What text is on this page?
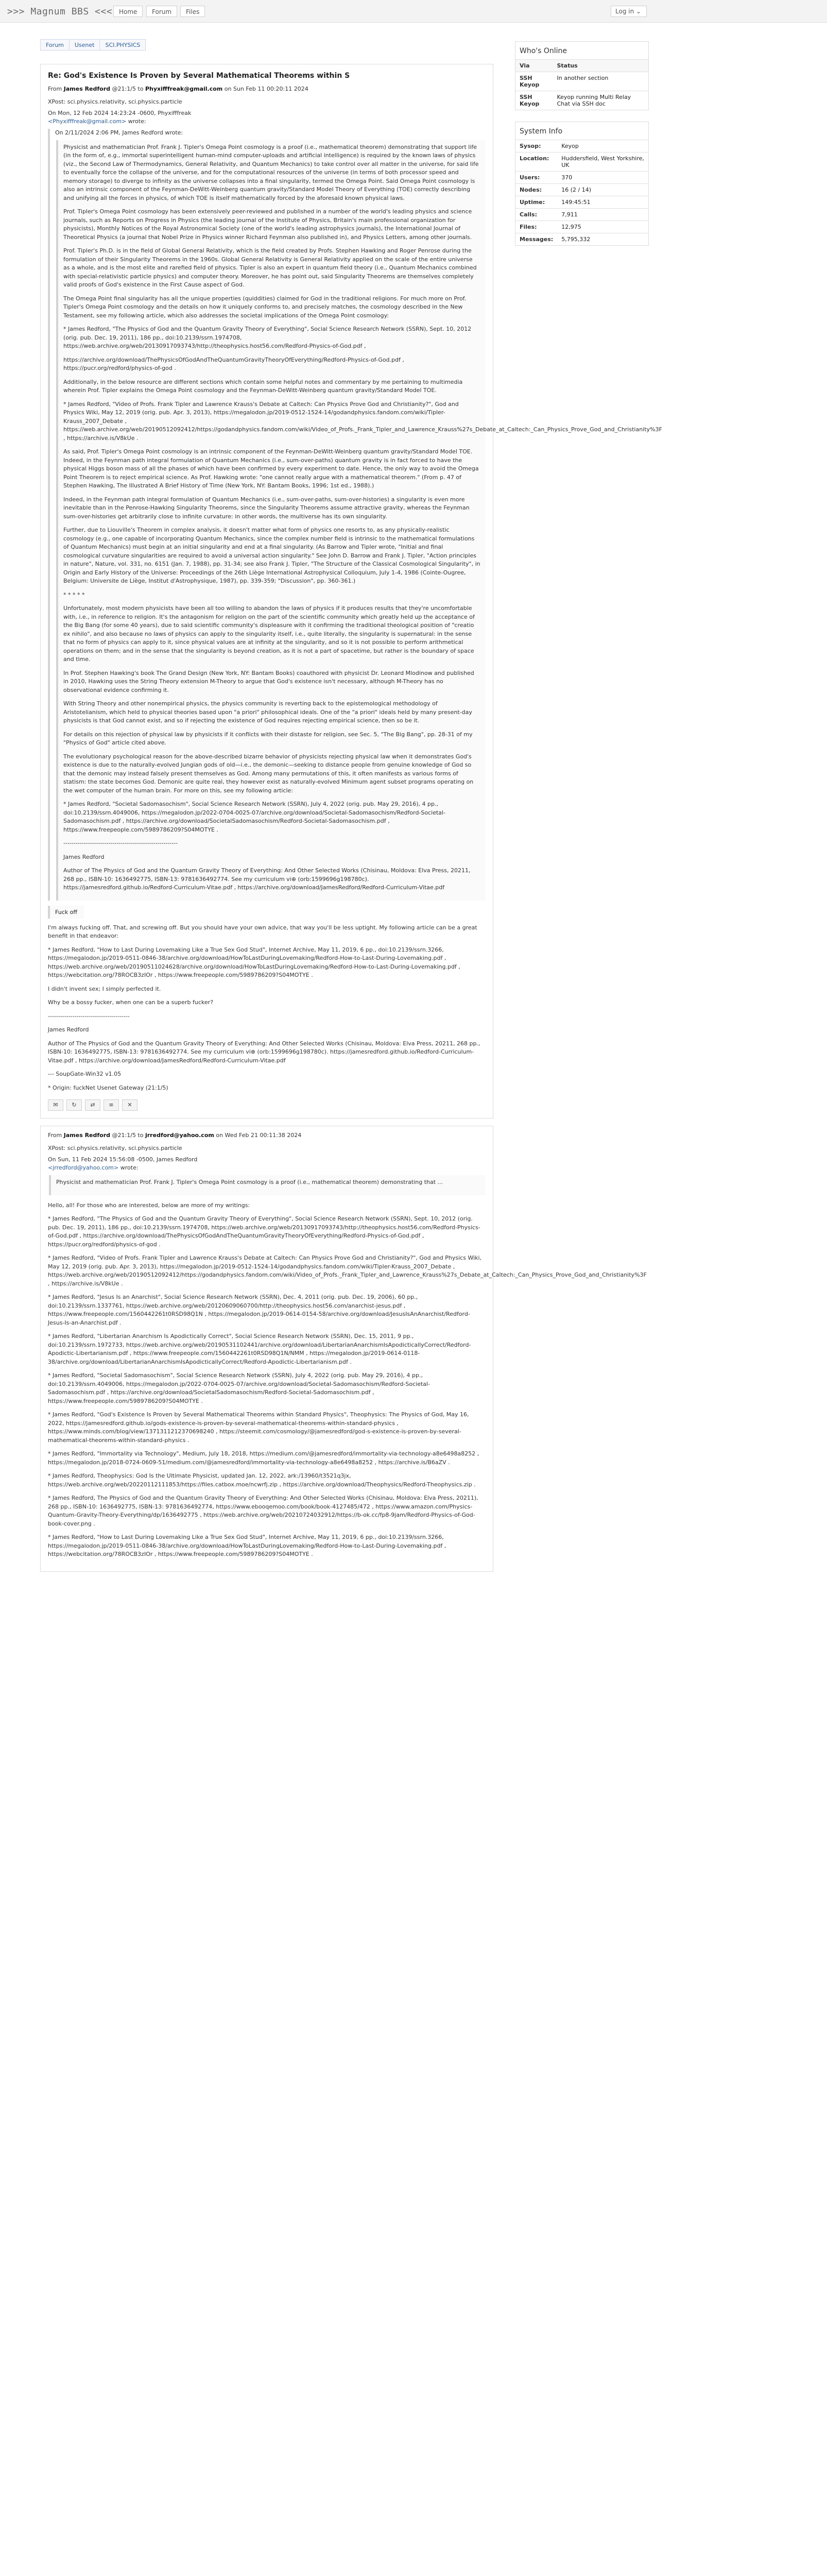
>>> Magnum BBS <<<	Home	Forum	Files	Log in ⌄
Forum	Usenet	SCI.PHYSICS
Re: God's Existence Is Proven by Several Mathematical Theorems within S
From James Redford @21:1/5 to Phyxifffreak@gmail.com on Sun Feb 11 00:20:11 2024
XPost: sci.physics.relativity, sci.physics.particle
On Mon, 12 Feb 2024 14:23:24 -0600, Phyxifffreak
<Phyxifffreak@gmail.com> wrote:
On 2/11/2024 2:06 PM, James Redford wrote:
Physicist and mathematician Prof. Frank J. Tipler's Omega Point cosmology is a proof (i.e., mathematical theorem) demonstrating that support life (in the form of, e.g., immortal superintelligent human-mind computer-uploads and artificial intelligence) is required by the known laws of physics (viz., the Second Law of Thermodynamics, General Relativity, and Quantum Mechanics) to take control over all matter in the universe, for said life to eventually force the collapse of the universe, and for the computational resources of the universe (in terms of both processor speed and memory storage) to diverge to infinity as the universe collapses into a final singularity, termed the Omega Point. Said Omega Point cosmology is also an intrinsic component of the Feynman-DeWitt-Weinberg quantum gravity/Standard Model Theory of Everything (TOE) correctly describing and unifying all the forces in physics, of which TOE is itself mathematically forced by the aforesaid known physical laws.
Prof. Tipler's Omega Point cosmology has been extensively peer-reviewed and published in a number of the world's leading physics and science journals, such as Reports on Progress in Physics (the leading journal of the Institute of Physics, Britain's main professional organization for physicists), Monthly Notices of the Royal Astronomical Society (one of the world's leading astrophysics journals), the International Journal of Theoretical Physics (a journal that Nobel Prize in Physics winner Richard Feynman also published in), and Physics Letters, among other journals.
Prof. Tipler's Ph.D. is in the field of Global General Relativity, which is the field created by Profs. Stephen Hawking and Roger Penrose during the formulation of their Singularity Theorems in the 1960s. Global General Relativity is General Relativity applied on the scale of the entire universe as a whole, and is the most elite and rarefied field of physics. Tipler is also an expert in quantum field theory (i.e., Quantum Mechanics combined with special-relativistic particle physics) and computer theory. Moreover, he has point out, said Singularity Theorems are themselves completely valid proofs of God's existence in the First Cause aspect of God.
The Omega Point final singularity has all the unique properties (quiddities) claimed for God in the traditional religions. For much more on Prof. Tipler's Omega Point cosmology and the details on how it uniquely conforms to, and precisely matches, the cosmology described in the New Testament, see my following article, which also addresses the societal implications of the Omega Point cosmology:
* James Redford, "The Physics of God and the Quantum Gravity Theory of Everything", Social Science Research Network (SSRN), Sept. 10, 2012 (orig. pub. Dec. 19, 2011), 186 pp., doi:10.2139/ssrn.1974708, https://web.archive.org/web/20130917093743/http://theophysics.host56.com/Redford-Physics-of-God.pdf ,
https://archive.org/download/ThePhysicsOfGodAndTheQuantumGravityTheoryOfEverything/Redford-Physics-of-God.pdf , https://pucr.org/redford/physics-of-god .
Additionally, in the below resource are different sections which contain some helpful notes and commentary by me pertaining to multimedia wherein Prof. Tipler explains the Omega Point cosmology and the Feynman-DeWitt-Weinberg quantum gravity/Standard Model TOE.
* James Redford, "Video of Profs. Frank Tipler and Lawrence Krauss's Debate at Caltech: Can Physics Prove God and Christianity?", God and Physics Wiki, May 12, 2019 (orig. pub. Apr. 3, 2013), https://megalodon.jp/2019-0512-1524-14/godandphysics.fandom.com/wiki/Tipler-Krauss_2007_Debate , https://web.archive.org/web/20190512092412/https://godandphysics.fandom.com/wiki/Video_of_Profs._Frank_Tipler_and_Lawrence_Krauss%27s_Debate_at_Caltech:_Can_Physics_Prove_God_and_Christianity%3F , https://archive.is/V8kUe .
As said, Prof. Tipler's Omega Point cosmology is an intrinsic component of the Feynman-DeWitt-Weinberg quantum gravity/Standard Model TOE. Indeed, in the Feynman path integral formulation of Quantum Mechanics (i.e., sum-over-paths) quantum gravity is in fact forced to have the physical Higgs boson mass of all the phases of which have been confirmed by every experiment to date. Hence, the only way to avoid the Omega Point Theorem is to reject empirical science. As Prof. Hawking wrote: "one cannot really argue with a mathematical theorem." (From p. 47 of Stephen Hawking, The Illustrated A Brief History of Time (New York, NY: Bantam Books, 1996; 1st ed., 1988).)
Indeed, in the Feynman path integral formulation of Quantum Mechanics (i.e., sum-over-paths, sum-over-histories) a singularity is even more inevitable than in the Penrose-Hawking Singularity Theorems, since the Singularity Theorems assume attractive gravity, whereas the Feynman sum-over-histories get arbitrarily close to infinite curvature: in other words, the multiverse has its own singularity.
Further, due to Liouville's Theorem in complex analysis, it doesn't matter what form of physics one resorts to, as any physically-realistic cosmology (e.g., one capable of incorporating Quantum Mechanics, since the complex number field is intrinsic to the mathematical formulations of Quantum Mechanics) must begin at an initial singularity and end at a final singularity. (As Barrow and Tipler wrote, "Initial and final cosmological curvature singularities are required to avoid a universal action singularity." See John D. Barrow and Frank J. Tipler, "Action principles in nature", Nature, vol. 331, no. 6151 (Jan. 7, 1988), pp. 31-34; see also Frank J. Tipler, "The Structure of the Classical Cosmological Singularity", in Origin and Early History of the Universe: Proceedings of the 26th Liège International Astrophysical Colloquium, July 1-4, 1986 (Cointe-Ougree, Belgium: Universite de Liège, Institut d'Astrophysique, 1987), pp. 339-359; "Discussion", pp. 360-361.)
* * * * *
Unfortunately, most modern physicists have been all too willing to abandon the laws of physics if it produces results that they're uncomfortable with, i.e., in reference to religion. It's the antagonism for religion on the part of the scientific community which greatly held up the acceptance of the Big Bang (for some 40 years), due to said scientific community's displeasure with it confirming the traditional theological position of "creatio ex nihilo", and also because no laws of physics can apply to the singularity itself, i.e., quite literally, the singularity is supernatural: in the sense that no form of physics can apply to it, since physical values are at infinity at the singularity, and so it is not possible to perform arithmetical operations on them; and in the sense that the singularity is beyond creation, as it is not a part of spacetime, but rather is the boundary of space and time.
In Prof. Stephen Hawking's book The Grand Design (New York, NY: Bantam Books) coauthored with physicist Dr. Leonard Mlodinow and published in 2010, Hawking uses the String Theory extension M-Theory to argue that God's existence isn't necessary, although M-Theory has no observational evidence confirming it.
With String Theory and other nonempirical physics, the physics community is reverting back to the epistemological methodology of Aristotelianism, which held to physical theories based upon "a priori" philosophical ideals. One of the "a priori" ideals held by many present-day physicists is that God cannot exist, and so if rejecting the existence of God requires rejecting empirical science, then so be it.
For details on this rejection of physical law by physicists if it conflicts with their distaste for religion, see Sec. 5, "The Big Bang", pp. 28-31 of my "Physics of God" article cited above.
The evolutionary psychological reason for the above-described bizarre behavior of physicists rejecting physical law when it demonstrates God's existence is due to the naturally-evolved Jungian gods of old—i.e., the demonic—seeking to distance people from genuine knowledge of God so that the demonic may instead falsely present themselves as God. Among many permutations of this, it often manifests as various forms of statism: the state becomes God. Demonic are quite real, they however exist as naturally-evolved Minimum agent subset programs operating on the wet computer of the human brain. For more on this, see my following article:
* James Redford, "Societal Sadomasochism", Social Science Research Network (SSRN), July 4, 2022 (orig. pub. May 29, 2016), 4 pp., doi:10.2139/ssrn.4049006, https://megalodon.jp/2022-0704-0025-07/archive.org/download/Societal-Sadomasochism/Redford-Societal-Sadomasochism.pdf , https://archive.org/download/SocietalSadomasochism/Redford-Societal-Sadomasochism.pdf , https://www.freepeople.com/5989786209?S04MOTYE .
--------------------------------------------------------
James Redford
Author of The Physics of God and the Quantum Gravity Theory of Everything: And Other Selected Works (Chisinau, Moldova: Elva Press, 20211, 268 pp., ISBN-10: 1636492775, ISBN-13: 9781636492774. See my curriculum vi⊕ (orb:1599696g198780c). https://jamesredford.github.io/Redford-Curriculum-Vitae.pdf , https://archive.org/download/JamesRedford/Redford-Curriculum-Vitae.pdf
Fuck off
I'm always fucking off. That, and screwing off. But you should have your own advice, that way you'll be less uptight. My following article can be a great benefit in that endeavor:
* James Redford, "How to Last During Lovemaking Like a True Sex God Stud", Internet Archive, May 11, 2019, 6 pp., doi:10.2139/ssrn.3266, https://megalodon.jp/2019-0511-0846-38/archive.org/download/HowToLastDuringLovemaking/Redford-How-to-Last-During-Lovemaking.pdf , https://web.archive.org/web/20190511024628/archive.org/download/HowToLastDuringLovemaking/Redford-How-to-Last-During-Lovemaking.pdf , https://webcitation.org/78ROCB3zIOr , https://www.freepeople.com/5989786209?S04MOTYE .
I didn't invent sex; I simply perfected it.
Why be a bossy fucker, when one can be a superb fucker?
----------------------------------------
James Redford
Author of The Physics of God and the Quantum Gravity Theory of Everything: And Other Selected Works (Chisinau, Moldova: Elva Press, 20211, 268 pp., ISBN-10: 1636492775, ISBN-13: 9781636492774. See my curriculum vi⊕ (orb:1599696g198780c). https://jamesredford.github.io/Redford-Curriculum-Vitae.pdf , https://archive.org/download/JamesRedford/Redford-Curriculum-Vitae.pdf
--- SoupGate-Win32 v1.05
* Origin: fuckNet Usenet Gateway (21:1/5)
✉	↻	⇄	≡	✕
From James Redford @21:1/5 to jrredford@yahoo.com on Wed Feb 21 00:11:38 2024
XPost: sci.physics.relativity, sci.physics.particle
On Sun, 11 Feb 2024 15:56:08 -0500, James Redford
<jrredford@yahoo.com> wrote:
Physicist and mathematician Prof. Frank J. Tipler's Omega Point cosmology is a proof (i.e., mathematical theorem) demonstrating that ...
Hello, all! For those who are interested, below are more of my writings:
* James Redford, "The Physics of God and the Quantum Gravity Theory of Everything", Social Science Research Network (SSRN), Sept. 10, 2012 (orig. pub. Dec. 19, 2011), 186 pp., doi:10.2139/ssrn.1974708, https://web.archive.org/web/20130917093743/http://theophysics.host56.com/Redford-Physics-of-God.pdf , https://archive.org/download/ThePhysicsOfGodAndTheQuantumGravityTheoryOfEverything/Redford-Physics-of-God.pdf , https://pucr.org/redford/physics-of-god .
* James Redford, "Video of Profs. Frank Tipler and Lawrence Krauss's Debate at Caltech: Can Physics Prove God and Christianity?", God and Physics Wiki, May 12, 2019 (orig. pub. Apr. 3, 2013), https://megalodon.jp/2019-0512-1524-14/godandphysics.fandom.com/wiki/Tipler-Krauss_2007_Debate , https://web.archive.org/web/20190512092412/https://godandphysics.fandom.com/wiki/Video_of_Profs._Frank_Tipler_and_Lawrence_Krauss%27s_Debate_at_Caltech:_Can_Physics_Prove_God_and_Christianity%3F , https://archive.is/V8kUe .
* James Redford, "Jesus Is an Anarchist", Social Science Research Network (SSRN), Dec. 4, 2011 (orig. pub. Dec. 19, 2006), 60 pp., doi:10.2139/ssrn.1337761, https://web.archive.org/web/20120609060700/http://theophysics.host56.com/anarchist-jesus.pdf , https://www.freepeople.com/1560442261t0RSD98Q1N , https://megalodon.jp/2019-0614-0154-58/archive.org/download/JesusIsAnAnarchist/Redford-Jesus-Is-an-Anarchist.pdf .
* James Redford, "Libertarian Anarchism Is Apodictically Correct", Social Science Research Network (SSRN), Dec. 15, 2011, 9 pp., doi:10.2139/ssrn.1972733, https://web.archive.org/web/20190531102441/archive.org/download/LibertarianAnarchismIsApodicticallyCorrect/Redford-Apodictic-Libertarianism.pdf , https://www.freepeople.com/1560442261t0RSD98Q1N/NMM , https://megalodon.jp/2019-0614-0118-38/archive.org/download/LibertarianAnarchismIsApodicticallyCorrect/Redford-Apodictic-Libertarianism.pdf .
* James Redford, "Societal Sadomasochism", Social Science Research Network (SSRN), July 4, 2022 (orig. pub. May 29, 2016), 4 pp., doi:10.2139/ssrn.4049006, https://megalodon.jp/2022-0704-0025-07/archive.org/download/Societal-Sadomasochism/Redford-Societal-Sadomasochism.pdf , https://archive.org/download/SocietalSadomasochism/Redford-Societal-Sadomasochism.pdf , https://www.freepeople.com/5989786209?S04MOTYE .
* James Redford, "God's Existence Is Proven by Several Mathematical Theorems within Standard Physics", Theophysics: The Physics of God, May 16, 2022, https://jamesredford.github.io/gods-existence-is-proven-by-several-mathematical-theorems-within-standard-physics , https://www.minds.com/blog/view/1371311212370698240 , https://steemit.com/cosmology/@jamesredford/god-s-existence-is-proven-by-several-mathematical-theorems-within-standard-physics .
* James Redford, "Immortality via Technology", Medium, July 18, 2018, https://medium.com/@jamesredford/immortality-via-technology-a8e6498a8252 , https://megalodon.jp/2018-0724-0609-51/medium.com/@jamesredford/immortality-via-technology-a8e6498a8252 , https://archive.is/B6aZV .
* James Redford, Theophysics: God Is the Ultimate Physicist, updated Jan. 12, 2022, ark:/13960/t3521q3jx, https://web.archive.org/web/20220112111853/https://files.catbox.moe/ncwrfj.zip , https://archive.org/download/Theophysics/Redford-Theophysics.zip .
* James Redford, The Physics of God and the Quantum Gravity Theory of Everything: And Other Selected Works (Chisinau, Moldova: Elva Press, 20211), 268 pp., ISBN-10: 1636492775, ISBN-13: 9781636492774, https://www.ebooqemoo.com/book/book-4127485/472 , https://www.amazon.com/Physics-Quantum-Gravity-Theory-Everything/dp/1636492775 , https://web.archive.org/web/20210724032912/https://b-ok.cc/fp8-9jam/Redford-Physics-of-God-book-cover.png .
* James Redford, "How to Last During Lovemaking Like a True Sex God Stud", Internet Archive, May 11, 2019, 6 pp., doi:10.2139/ssrn.3266, https://megalodon.jp/2019-0511-0846-38/archive.org/download/HowToLastDuringLovemaking/Redford-How-to-Last-During-Lovemaking.pdf , https://webcitation.org/78ROCB3zIOr , https://www.freepeople.com/5989786209?S04MOTYE .
Who's Online
Via	Status
SSH Keyop	In another section
SSH Keyop	Keyop running Multi Relay Chat via SSH doc
System Info
Sysop:	Keyop
Location:	Huddersfield, West Yorkshire, UK
Users:	370
Nodes:	16 (2 / 14)
Uptime:	149:45:51
Calls:	7,911
Files:	12,975
Messages:	5,795,332
